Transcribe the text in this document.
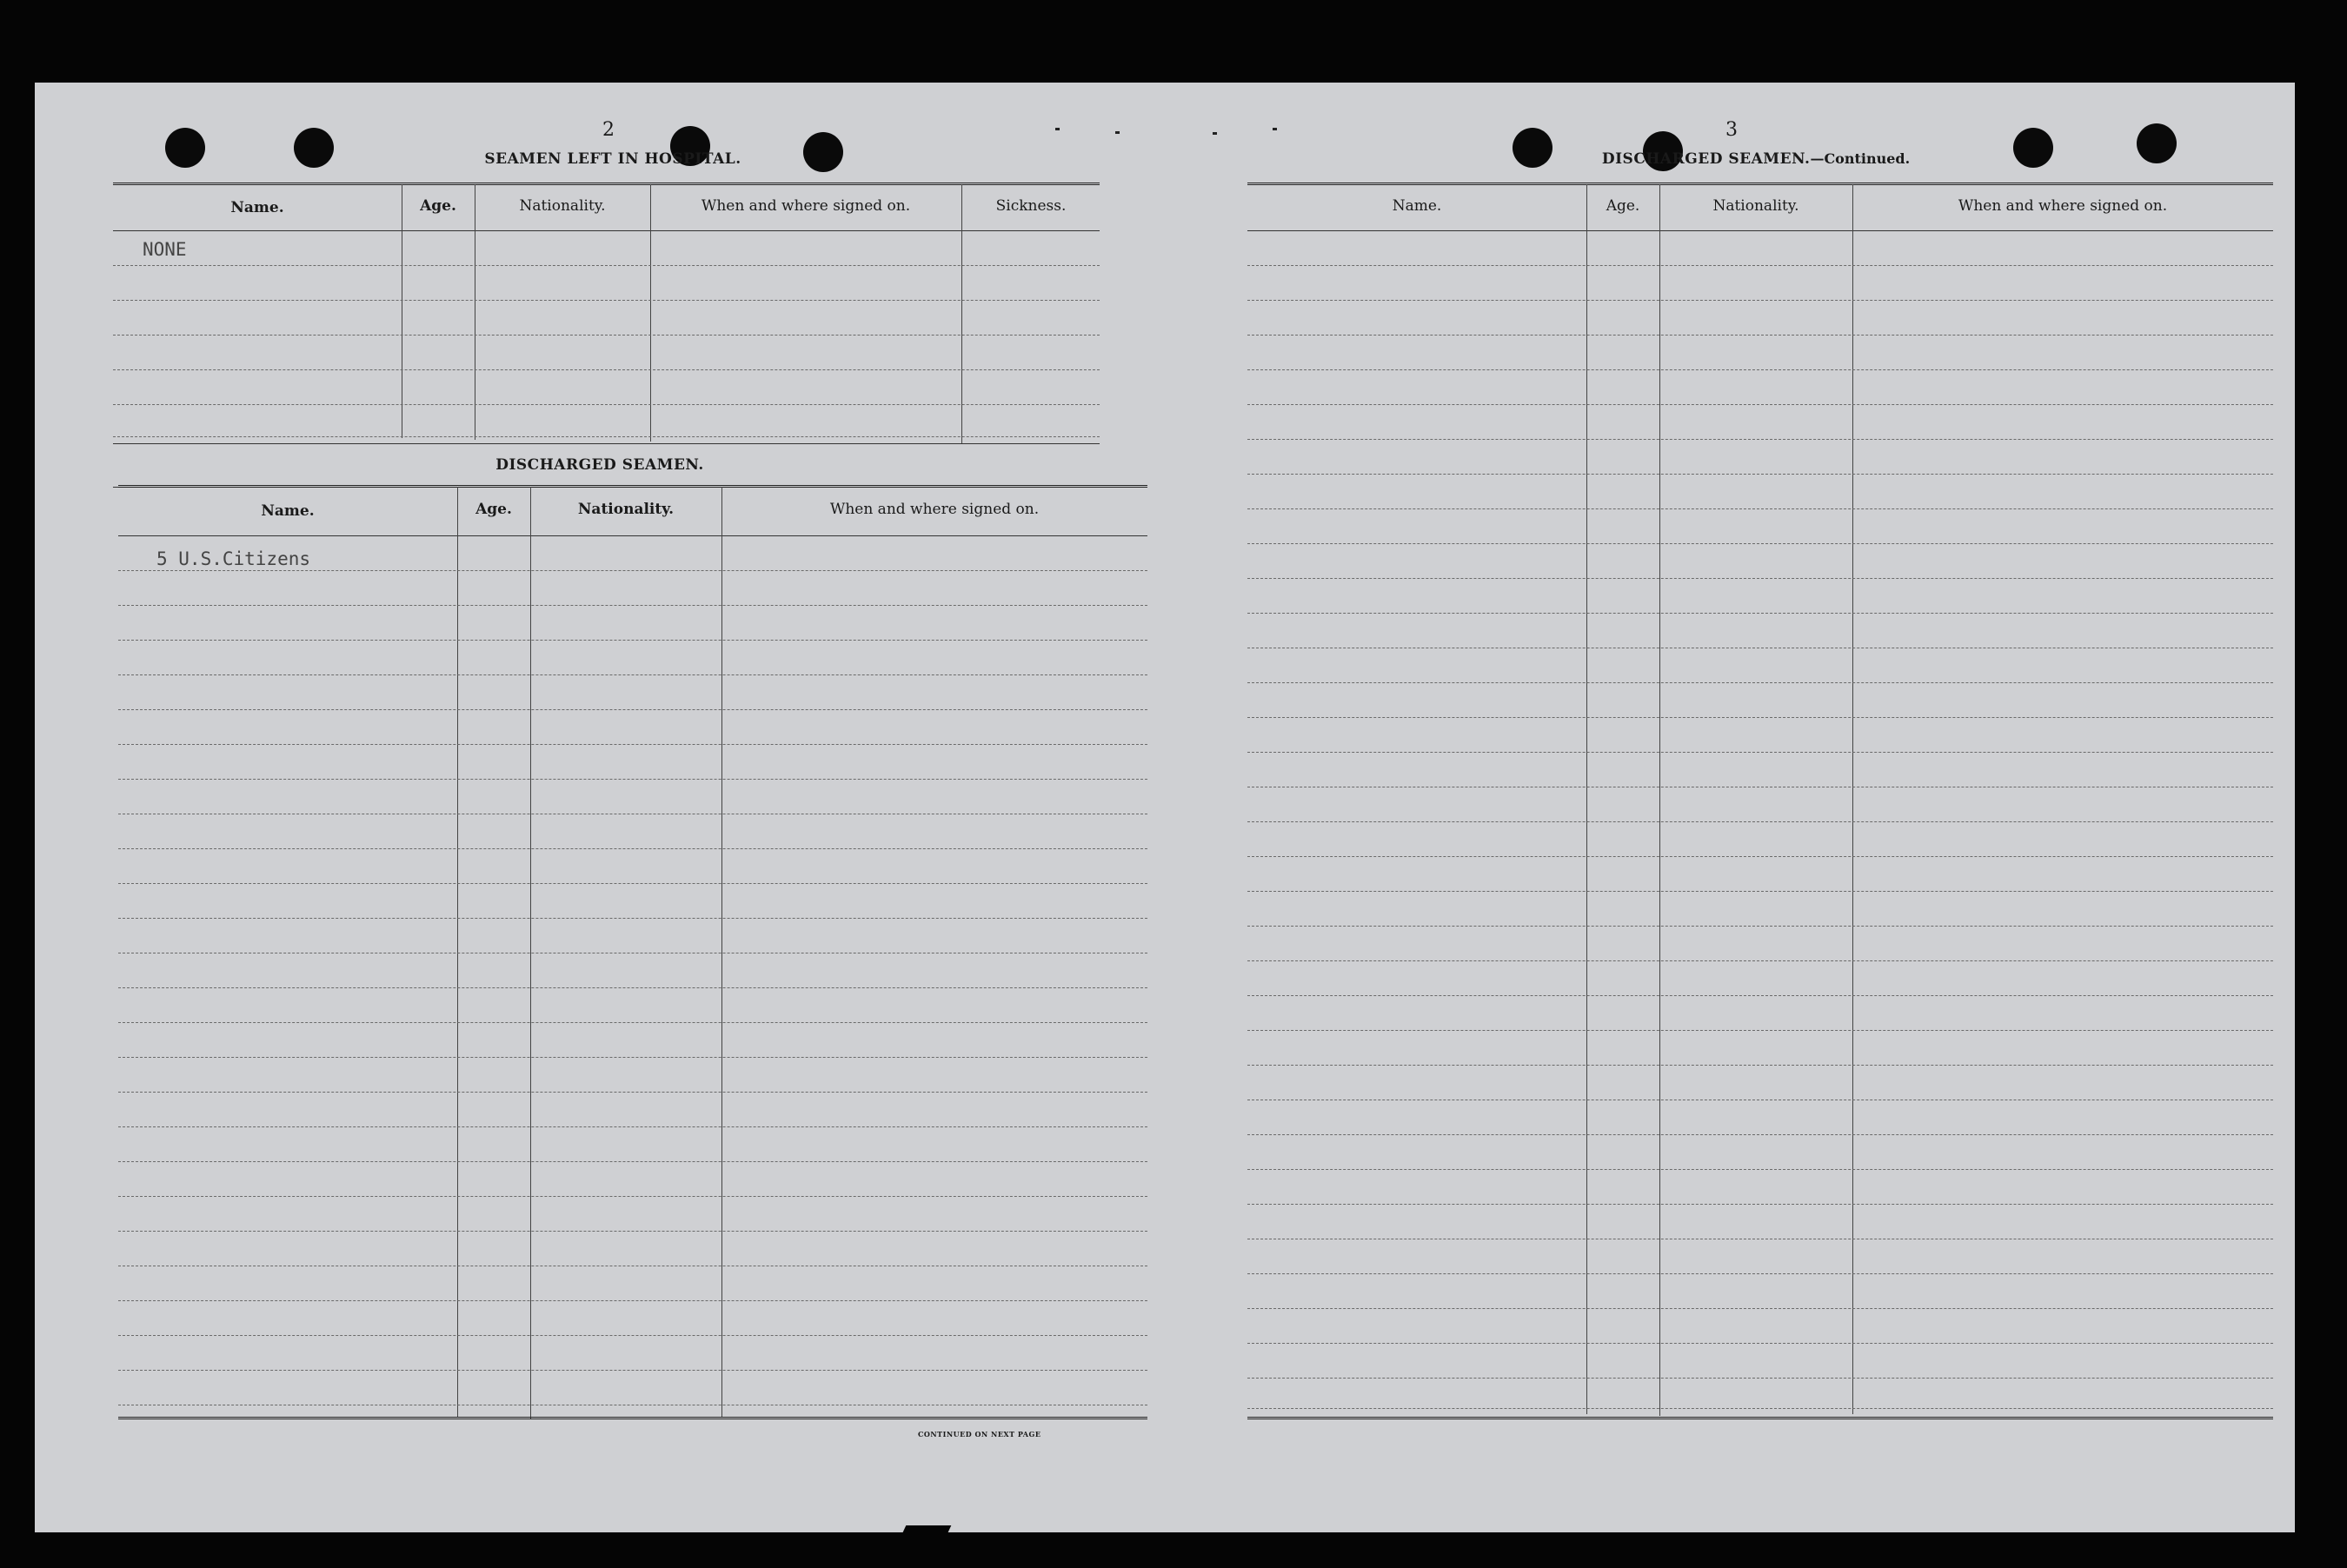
2
SEAMEN LEFT IN HOSPITAL.
Name.	Age.	Nationality.	When and where signed on.	Sickness.
NONE
DISCHARGED SEAMEN.
Name.	Age.	Nationality.	When and where signed on.
5 U.S.Citizens
CONTINUED ON NEXT PAGE
3
DISCHARGED SEAMEN.—Continued.
Name.	Age.	Nationality.	When and where signed on.
